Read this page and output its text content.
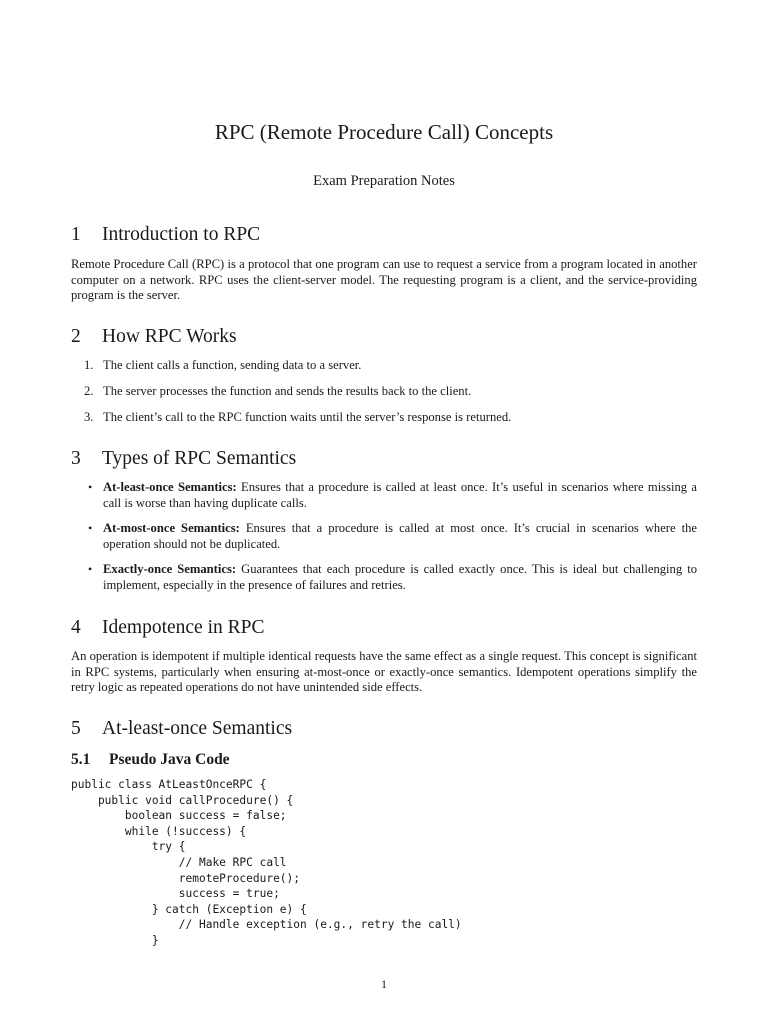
RPC (Remote Procedure Call) Concepts
Exam Preparation Notes
1 Introduction to RPC

Remote Procedure Call (RPC) is a protocol that one program can use to request a service from a program located in another computer on a network. RPC uses the client-server model. The requesting program is a client, and the service-providing program is the server.

2 How RPC Works
1. The client calls a function, sending data to a server.
2. The server processes the function and sends the results back to the client.
3. The client’s call to the RPC function waits until the server’s response is returned.
3 Types of RPC Semantics
• At-least-once Semantics: Ensures that a procedure is called at least once. It’s useful in scenarios where missing a call is worse than having duplicate calls.
• At-most-once Semantics: Ensures that a procedure is called at most once. It’s crucial in scenarios where the operation should not be duplicated.
• Exactly-once Semantics: Guarantees that each procedure is called exactly once. This is ideal but challenging to implement, especially in the presence of failures and retries.
4 Idempotence in RPC

An operation is idempotent if multiple identical requests have the same effect as a single request. This concept is significant in RPC systems, particularly when ensuring at-most-once or exactly-once semantics. Idempotent operations simplify the retry logic as repeated operations do not have unintended side effects.

5 At-least-once Semantics
5.1 Pseudo Java Code
public class AtLeastOnceRPC {
public void callProcedure() {
boolean success = false;
while (!success) {
try {
// Make RPC call
remoteProcedure();
success = true;
} catch (Exception e) {
// Handle exception (e.g., retry the call)
}
1
